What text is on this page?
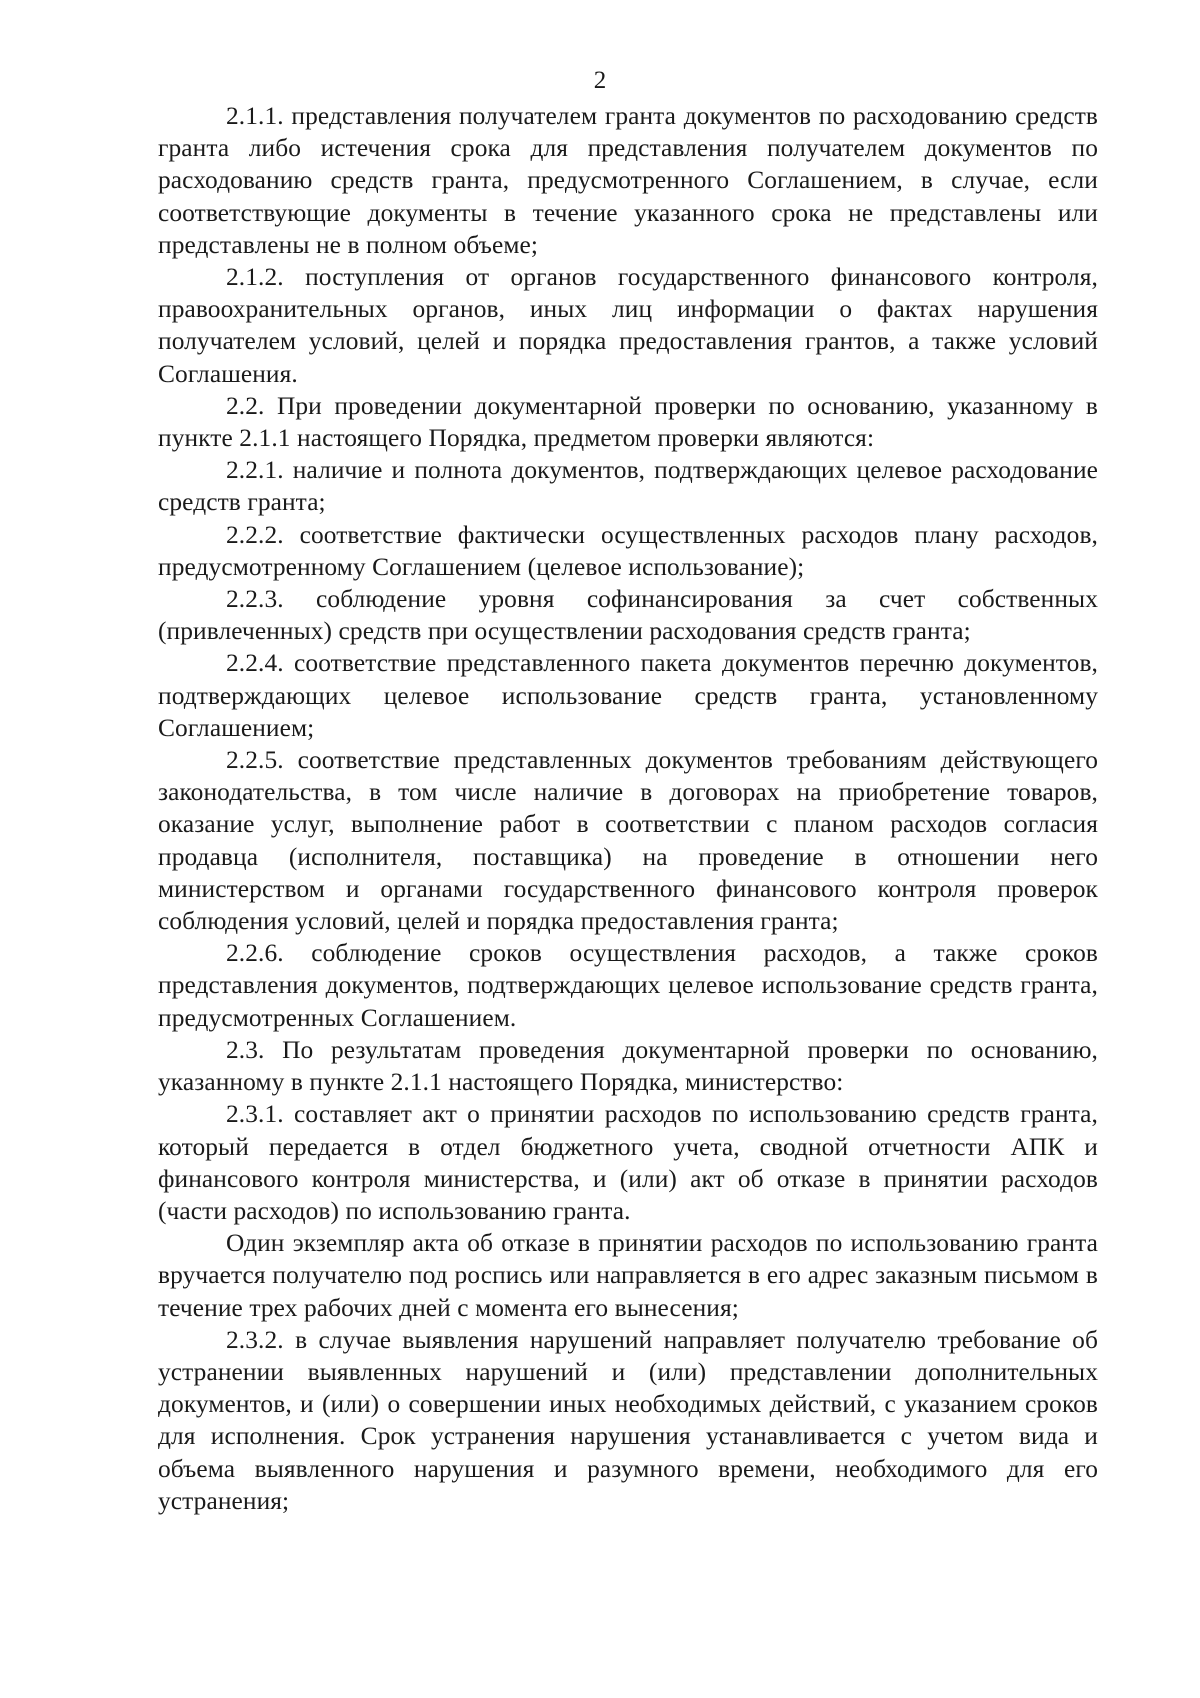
2

2.1.1. представления получателем гранта документов по расходованию средств гранта либо истечения срока для представления получателем документов по расходованию средств гранта, предусмотренного Соглашением, в случае, если соответствующие документы в течение указанного срока не представлены или представлены не в полном объеме;

2.1.2. поступления от органов государственного финансового контроля, правоохранительных органов, иных лиц информации о фактах нарушения получателем условий, целей и порядка предоставления грантов, а также условий Соглашения.

2.2. При проведении документарной проверки по основанию, указанному в пункте 2.1.1 настоящего Порядка, предметом проверки являются:

2.2.1. наличие и полнота документов, подтверждающих целевое расходование средств гранта;

2.2.2. соответствие фактически осуществленных расходов плану расходов, предусмотренному Соглашением (целевое использование);

2.2.3. соблюдение уровня софинансирования за счет собственных (привлеченных) средств при осуществлении расходования средств гранта;

2.2.4. соответствие представленного пакета документов перечню документов, подтверждающих целевое использование средств гранта, установленному Соглашением;

2.2.5. соответствие представленных документов требованиям действующего законодательства, в том числе наличие в договорах на приобретение товаров, оказание услуг, выполнение работ в соответствии с планом расходов согласия продавца (исполнителя, поставщика) на проведение в отношении него министерством и органами государственного финансового контроля проверок соблюдения условий, целей и порядка предоставления гранта;

2.2.6. соблюдение сроков осуществления расходов, а также сроков представления документов, подтверждающих целевое использование средств гранта, предусмотренных Соглашением.

2.3. По результатам проведения документарной проверки по основанию, указанному в пункте 2.1.1 настоящего Порядка, министерство:

2.3.1. составляет акт о принятии расходов по использованию средств гранта, который передается в отдел бюджетного учета, сводной отчетности АПК и финансового контроля министерства, и (или) акт об отказе в принятии расходов (части расходов) по использованию гранта.

Один экземпляр акта об отказе в принятии расходов по использованию гранта вручается получателю под роспись или направляется в его адрес заказным письмом в течение трех рабочих дней с момента его вынесения;

2.3.2. в случае выявления нарушений направляет получателю требование об устранении выявленных нарушений и (или) представлении дополнительных документов, и (или) о совершении иных необходимых действий, с указанием сроков для исполнения. Срок устранения нарушения устанавливается с учетом вида и объема выявленного нарушения и разумного времени, необходимого для его устранения;
